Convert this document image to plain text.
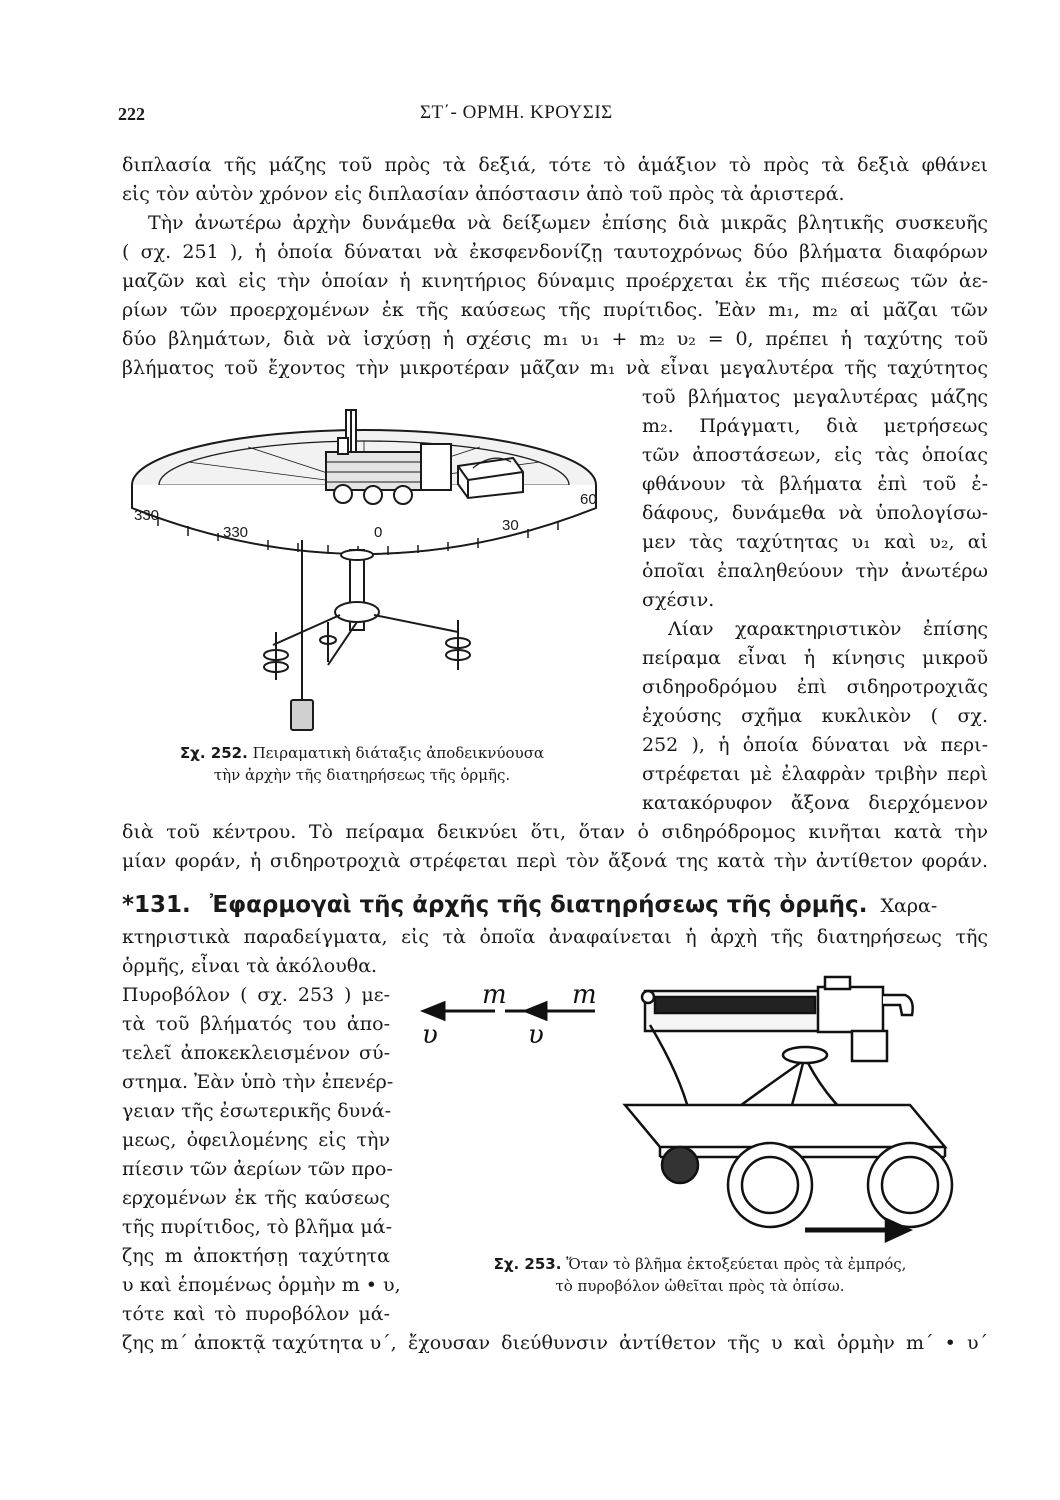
222	ΣΤ΄- ΟΡΜΗ. ΚΡΟΥΣΙΣ
διπλασία τῆς μάζης τοῦ πρὸς τὰ δεξιά, τότε τὸ ἁμάξιον τὸ πρὸς τὰ δεξιὰ φθάνει
εἰς τὸν αὐτὸν χρόνον εἰς διπλασίαν ἀπόστασιν ἀπὸ τοῦ πρὸς τὰ ἀριστερά.
Τὴν ἀνωτέρω ἀρχὴν δυνάμεθα νὰ δείξωμεν ἐπίσης διὰ μικρᾶς βλητικῆς συσκευῆς
( σχ. 251 ), ἡ ὁποία δύναται νὰ ἐκσφενδονίζῃ ταυτοχρόνως δύο βλήματα διαφόρων
μαζῶν καὶ εἰς τὴν ὁποίαν ἡ κινητήριος δύναμις προέρχεται ἐκ τῆς πιέσεως τῶν ἀε-
ρίων τῶν προερχομένων ἐκ τῆς καύσεως τῆς πυρίτιδος. Ἐὰν m₁, m₂ αἱ μᾶζαι τῶν
δύο βλημάτων, διὰ νὰ ἰσχύσῃ ἡ σχέσις m₁ υ₁ + m₂ υ₂ = 0, πρέπει ἡ ταχύτης τοῦ
βλήματος τοῦ ἔχοντος τὴν μικροτέραν μᾶζαν m₁ νὰ εἶναι μεγαλυτέρα τῆς ταχύτητος
τοῦ βλήματος μεγαλυτέρας μάζης
m₂. Πράγματι, διὰ μετρήσεως
τῶν ἀποστάσεων, εἰς τὰς ὁποίας
φθάνουν τὰ βλήματα ἐπὶ τοῦ ἐ-
δάφους, δυνάμεθα νὰ ὑπολογίσω-
μεν τὰς ταχύτητας υ₁ καὶ υ₂, αἱ
ὁποῖαι ἐπαληθεύουν τὴν ἀνωτέρω
σχέσιν.
Λίαν χαρακτηριστικὸν ἐπίσης
πείραμα εἶναι ἡ κίνησις μικροῦ
σιδηροδρόμου ἐπὶ σιδηροτροχιᾶς
ἐχούσης σχῆμα κυκλικὸν ( σχ.
252 ), ἡ ὁποία δύναται νὰ περι-
στρέφεται μὲ ἐλαφρὰν τριβὴν περὶ
κατακόρυφον ἄξονα διερχόμενον
330
330	0	30
60
Σχ. 252. Πειραματικὴ διάταξις ἀποδεικνύουσα
τὴν ἀρχὴν τῆς διατηρήσεως τῆς ὁρμῆς.
διὰ τοῦ κέντρου. Τὸ πείραμα δεικνύει ὅτι, ὅταν ὁ σιδηρόδρομος κινῆται κατὰ τὴν
μίαν φοράν, ἡ σιδηροτροχιὰ στρέφεται περὶ τὸν ἄξονά της κατὰ τὴν ἀντίθετον φοράν.
*131. Ἐφαρμογαὶ τῆς ἀρχῆς τῆς διατηρήσεως τῆς ὁρμῆς. Χαρα-
κτηριστικὰ παραδείγματα, εἰς τὰ ὁποῖα ἀναφαίνεται ἡ ἀρχὴ τῆς διατηρήσεως τῆς
ὁρμῆς, εἶναι τὰ ἀκόλουθα.
Πυροβόλον ( σχ. 253 ) με-
τὰ τοῦ βλήματός του ἀπο-
τελεῖ ἀποκεκλεισμένον σύ-
στημα. Ἐὰν ὑπὸ τὴν ἐπενέρ-
γειαν τῆς ἐσωτερικῆς δυνά-
μεως, ὀφειλομένης εἰς τὴν
πίεσιν τῶν ἀερίων τῶν προ-
ερχομένων ἐκ τῆς καύσεως
τῆς πυρίτιδος, τὸ βλῆμα μά-
ζης m ἀποκτήσῃ ταχύτητα
υ καὶ ἑπομένως ὁρμὴν m • υ,
τότε καὶ τὸ πυροβόλον μά-
ζης m΄ ἀποκτᾷ ταχύτητα υ΄, ἔχουσαν διεύθυνσιν ἀντίθετον τῆς υ καὶ ὁρμὴν m΄ • υ΄
m
υ
m
υ
Σχ. 253. Ὅταν τὸ βλῆμα ἐκτοξεύεται πρὸς τὰ ἐμπρός,
τὸ πυροβόλον ὠθεῖται πρὸς τὰ ὀπίσω.
